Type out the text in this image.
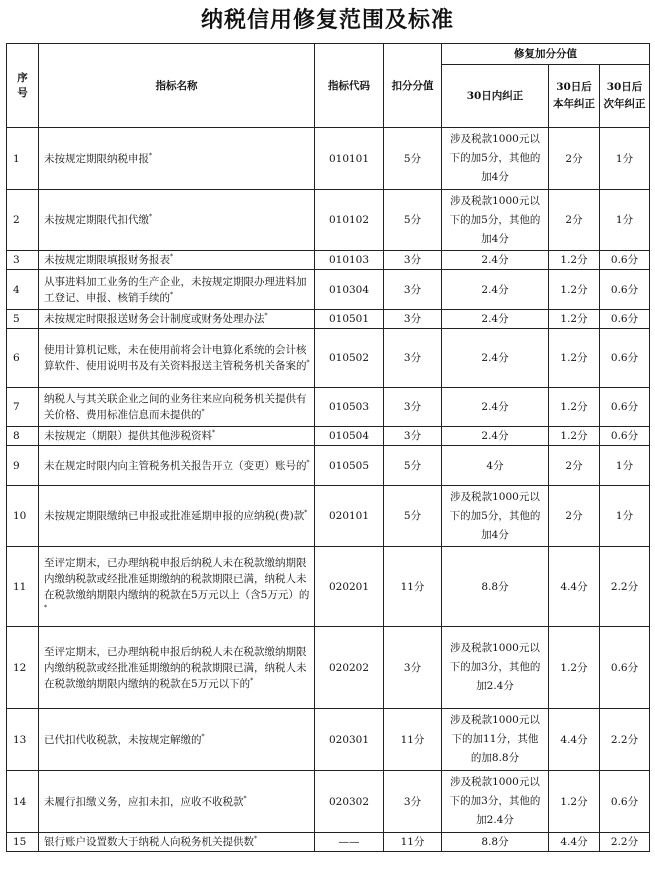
纳税信用修复范围及标准
序号	指标名称	指标代码	扣分分值	修复加分分值		
				30日内纠正	30日后本年纠正	30日后次年纠正
1	未按规定期限纳税申报*	010101	5分	涉及税款1000元以下的加5分，其他的加4分	2分	1分
2	未按规定期限代扣代缴*	010102	5分	涉及税款1000元以下的加5分，其他的加4分	2分	1分
3	未按规定期限填报财务报表*	010103	3分	2.4分	1.2分	0.6分
4	从事进料加工业务的生产企业，未按规定期限办理进料加工登记、申报、核销手续的*	010304	3分	2.4分	1.2分	0.6分
5	未按规定时限报送财务会计制度或财务处理办法*	010501	3分	2.4分	1.2分	0.6分
6	使用计算机记账，未在使用前将会计电算化系统的会计核算软件、使用说明书及有关资料报送主管税务机关备案的*	010502	3分	2.4分	1.2分	0.6分
7	纳税人与其关联企业之间的业务往来应向税务机关提供有关价格、费用标准信息而未提供的*	010503	3分	2.4分	1.2分	0.6分
8	未按规定（期限）提供其他涉税资料*	010504	3分	2.4分	1.2分	0.6分
9	未在规定时限内向主管税务机关报告开立（变更）账号的*	010505	5分	4分	2分	1分
10	未按规定期限缴纳已申报或批准延期申报的应纳税(费)款*	020101	5分	涉及税款1000元以下的加5分，其他的加4分	2分	1分
11	至评定期末，已办理纳税申报后纳税人未在税款缴纳期限内缴纳税款或经批准延期缴纳的税款期限已满，纳税人未在税款缴纳期限内缴纳的税款在5万元以上（含5万元）的*	020201	11分	8.8分	4.4分	2.2分
12	至评定期末，已办理纳税申报后纳税人未在税款缴纳期限内缴纳税款或经批准延期缴纳的税款期限已满，纳税人未在税款缴纳期限内缴纳的税款在5万元以下的*	020202	3分	涉及税款1000元以下的加3分，其他的加2.4分	1.2分	0.6分
13	已代扣代收税款，未按规定解缴的*	020301	11分	涉及税款1000元以下的加11分，其他的加8.8分	4.4分	2.2分
14	未履行扣缴义务，应扣未扣，应收不收税款*	020302	3分	涉及税款1000元以下的加3分，其他的加2.4分	1.2分	0.6分
15	银行账户设置数大于纳税人向税务机关提供数*	——	11分	8.8分	4.4分	2.2分
